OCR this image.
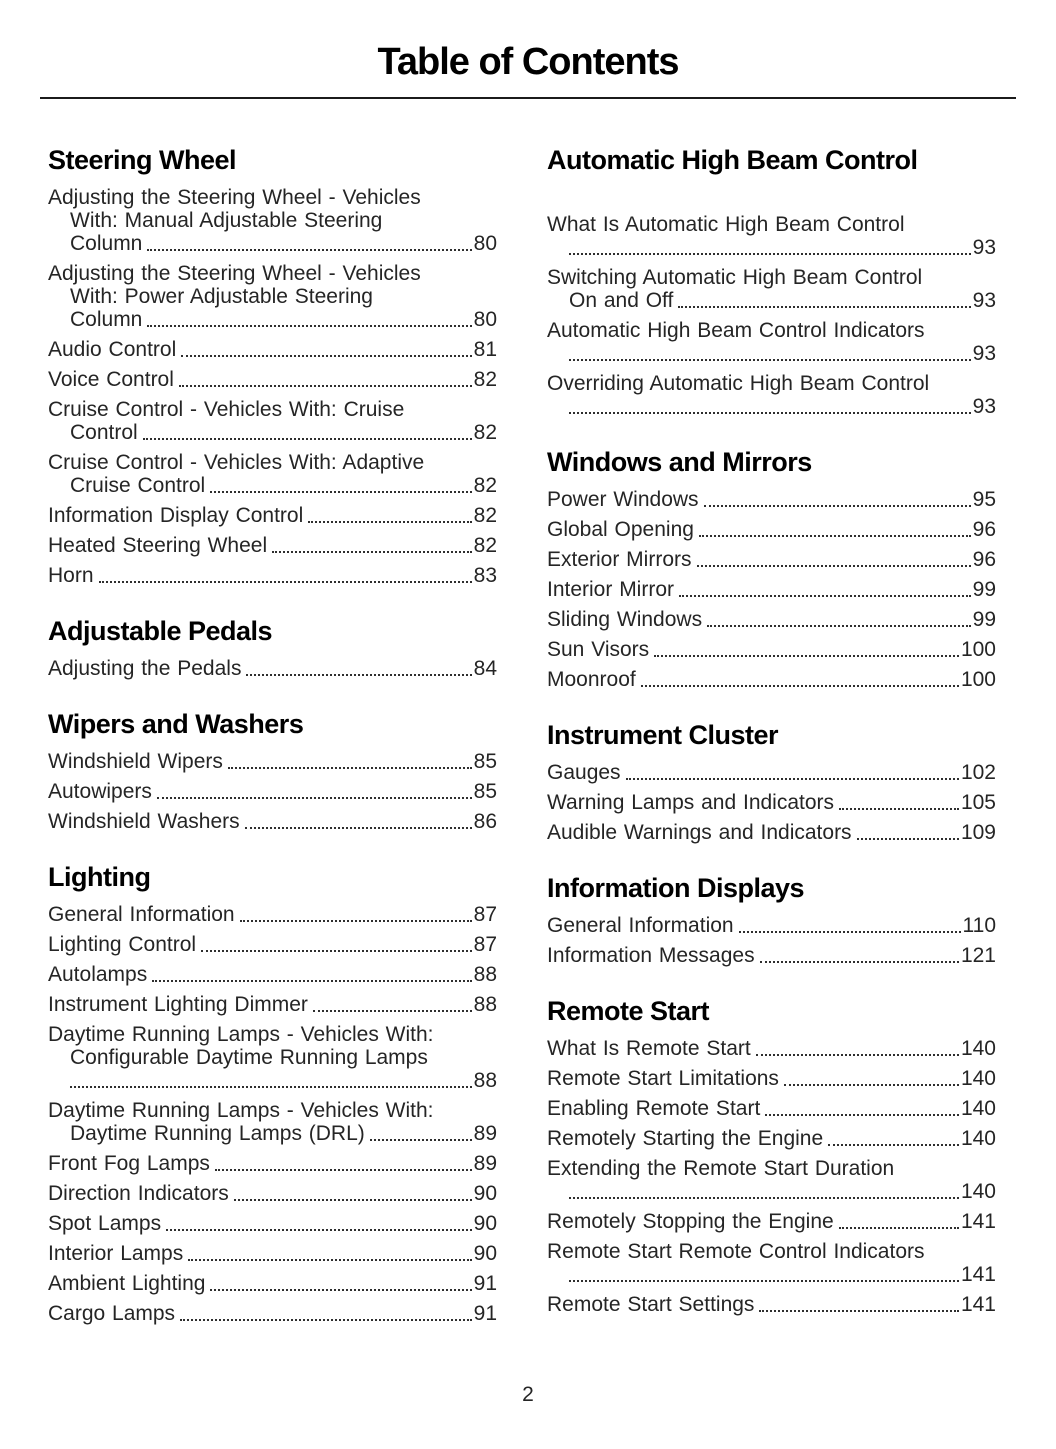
Table of Contents
Steering Wheel
Adjusting the Steering Wheel - Vehicles
With: Manual Adjustable Steering
Column	80
Adjusting the Steering Wheel - Vehicles
With: Power Adjustable Steering
Column	80
Audio Control	81
Voice Control	82
Cruise Control - Vehicles With: Cruise
Control	82
Cruise Control - Vehicles With: Adaptive
Cruise Control	82
Information Display Control	82
Heated Steering Wheel	82
Horn	83
Adjustable Pedals
Adjusting the Pedals	84
Wipers and Washers
Windshield Wipers	85
Autowipers	85
Windshield Washers	86
Lighting
General Information	87
Lighting Control	87
Autolamps	88
Instrument Lighting Dimmer	88
Daytime Running Lamps - Vehicles With:
Configurable Daytime Running Lamps
88
Daytime Running Lamps - Vehicles With:
Daytime Running Lamps (DRL)	89
Front Fog Lamps	89
Direction Indicators	90
Spot Lamps	90
Interior Lamps	90
Ambient Lighting	91
Cargo Lamps	91
Automatic High Beam Control
What Is Automatic High Beam Control
93
Switching Automatic High Beam Control
On and Off	93
Automatic High Beam Control Indicators
93
Overriding Automatic High Beam Control
93
Windows and Mirrors
Power Windows	95
Global Opening	96
Exterior Mirrors	96
Interior Mirror	99
Sliding Windows	99
Sun Visors	100
Moonroof	100
Instrument Cluster
Gauges	102
Warning Lamps and Indicators	105
Audible Warnings and Indicators	109
Information Displays
General Information	110
Information Messages	121
Remote Start
What Is Remote Start	140
Remote Start Limitations	140
Enabling Remote Start	140
Remotely Starting the Engine	140
Extending the Remote Start Duration
140
Remotely Stopping the Engine	141
Remote Start Remote Control Indicators
141
Remote Start Settings	141
2
